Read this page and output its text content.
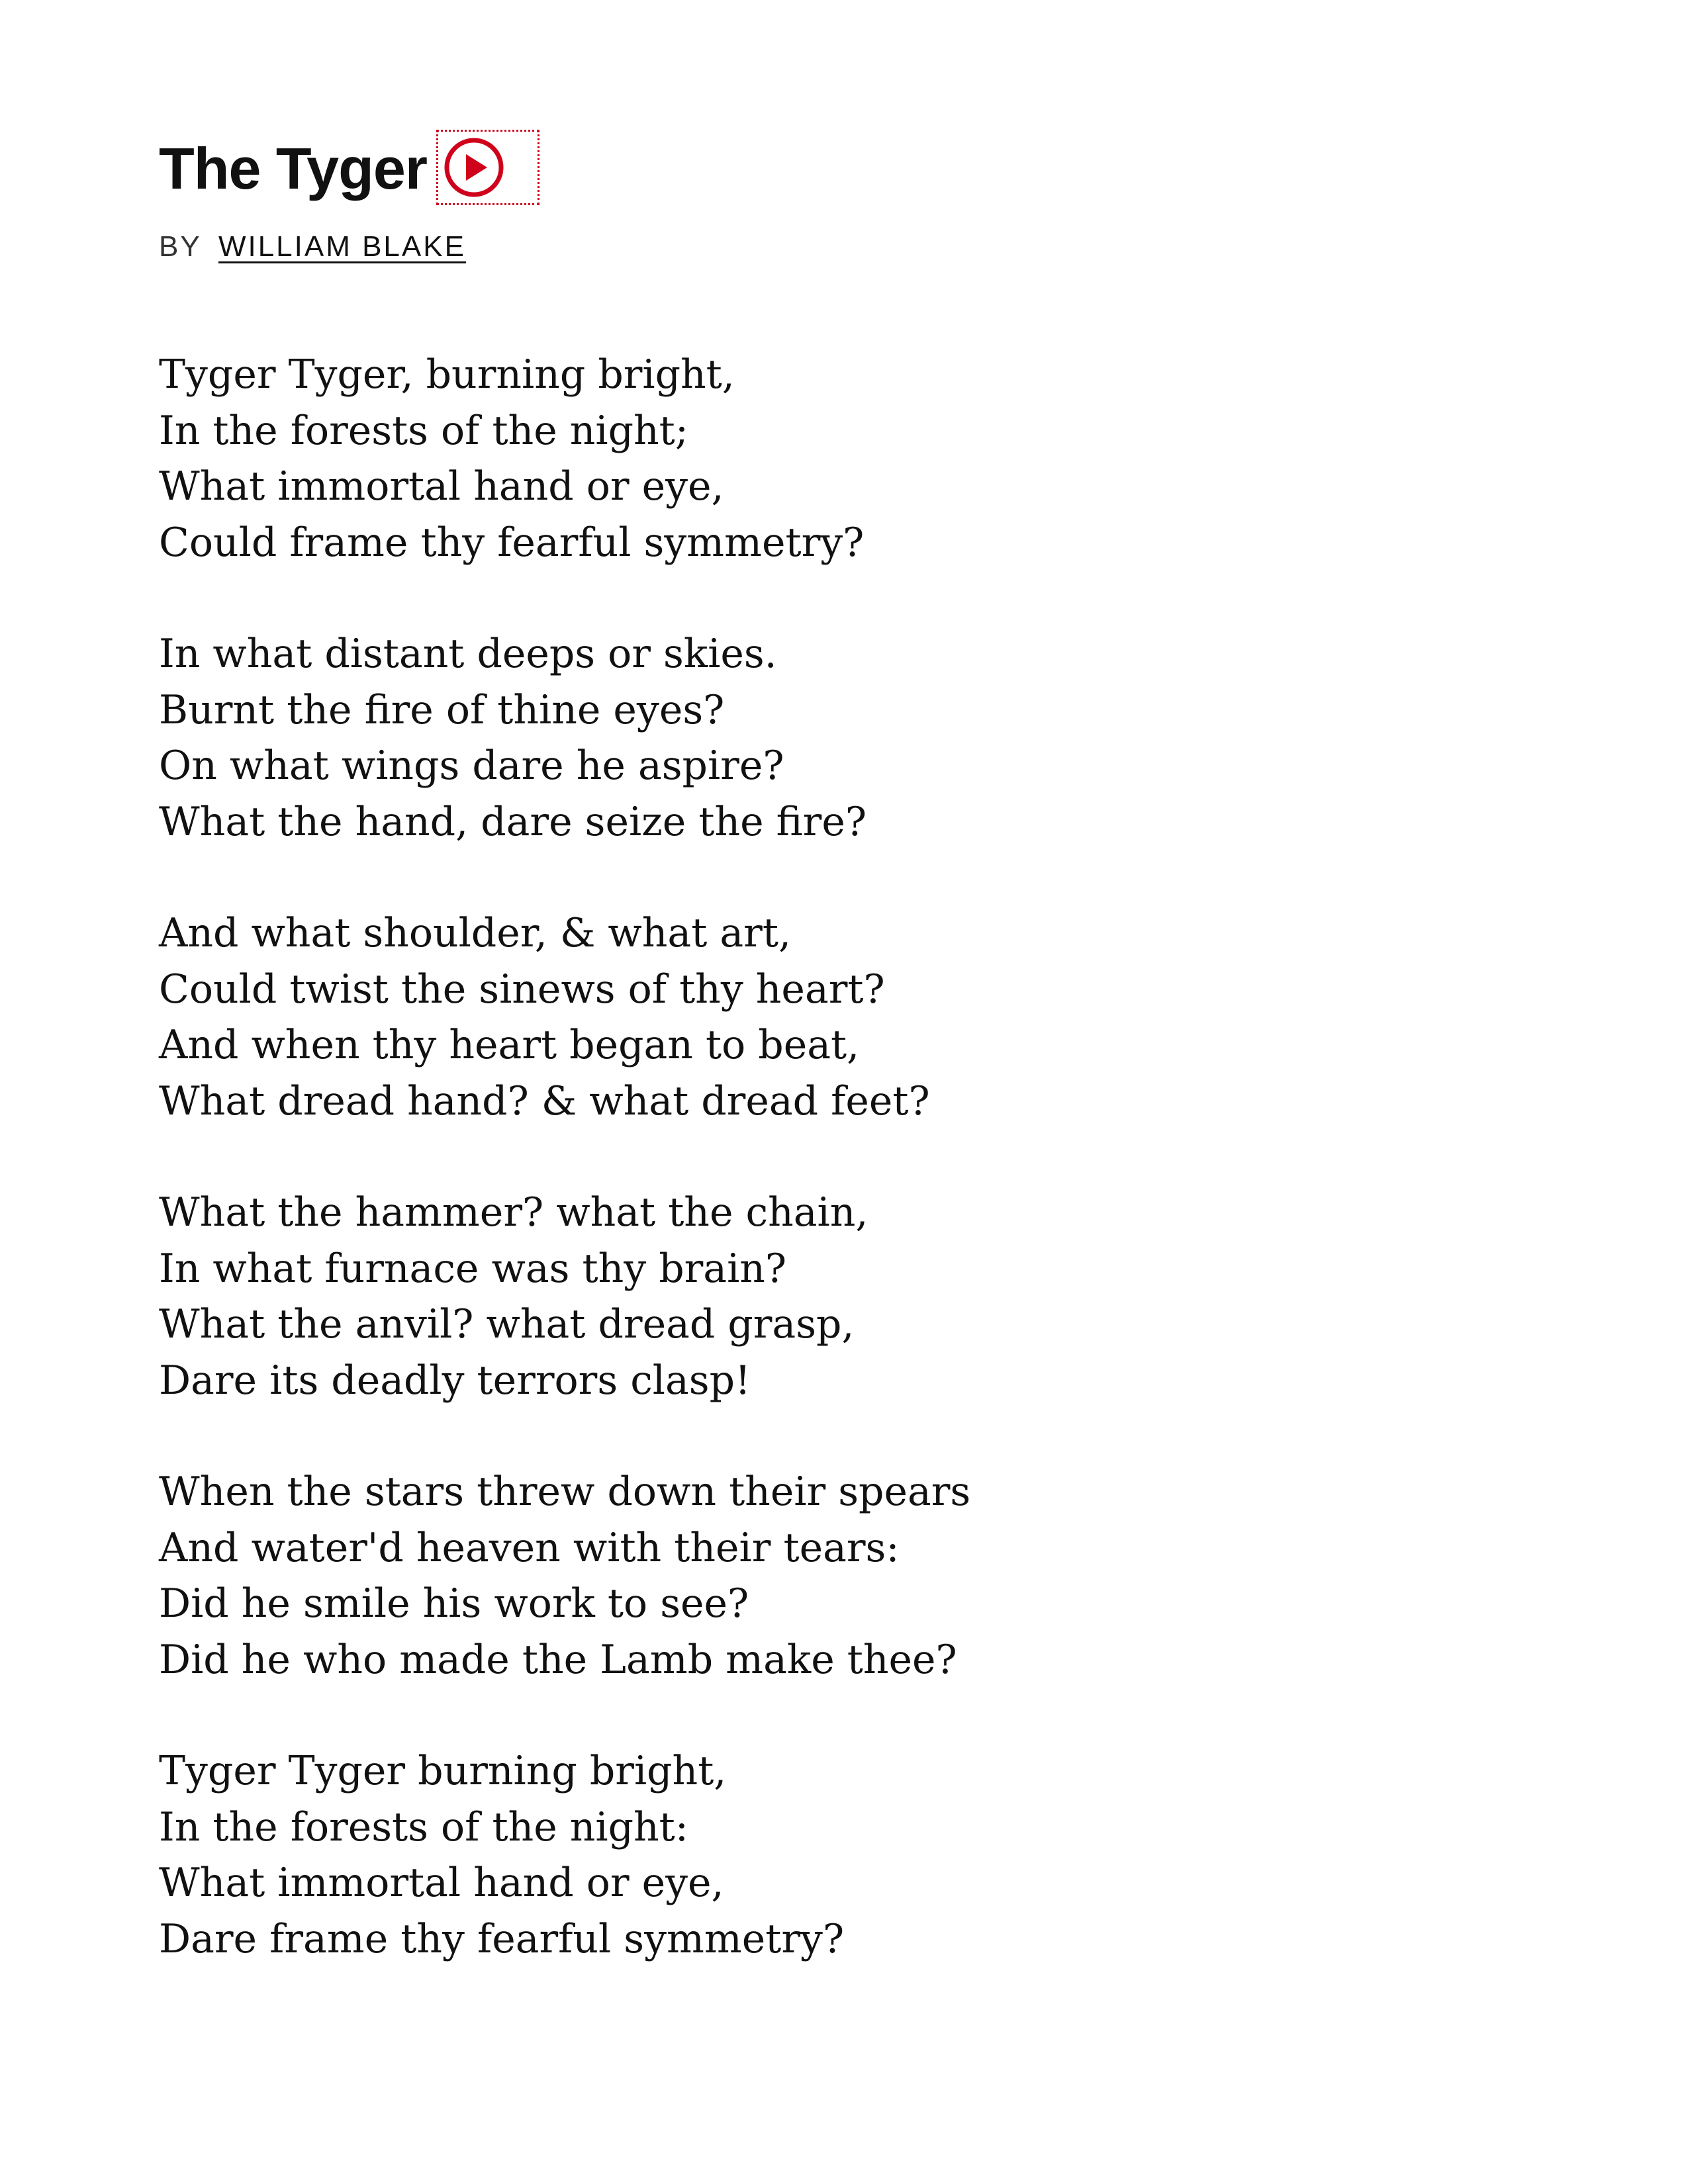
The Tyger
BY WILLIAM BLAKE
Tyger Tyger, burning bright,
In the forests of the night;
What immortal hand or eye,
Could frame thy fearful symmetry?
In what distant deeps or skies.
Burnt the fire of thine eyes?
On what wings dare he aspire?
What the hand, dare seize the fire?
And what shoulder, & what art,
Could twist the sinews of thy heart?
And when thy heart began to beat,
What dread hand? & what dread feet?
What the hammer? what the chain,
In what furnace was thy brain?
What the anvil? what dread grasp,
Dare its deadly terrors clasp!
When the stars threw down their spears
And water'd heaven with their tears:
Did he smile his work to see?
Did he who made the Lamb make thee?
Tyger Tyger burning bright,
In the forests of the night:
What immortal hand or eye,
Dare frame thy fearful symmetry?
